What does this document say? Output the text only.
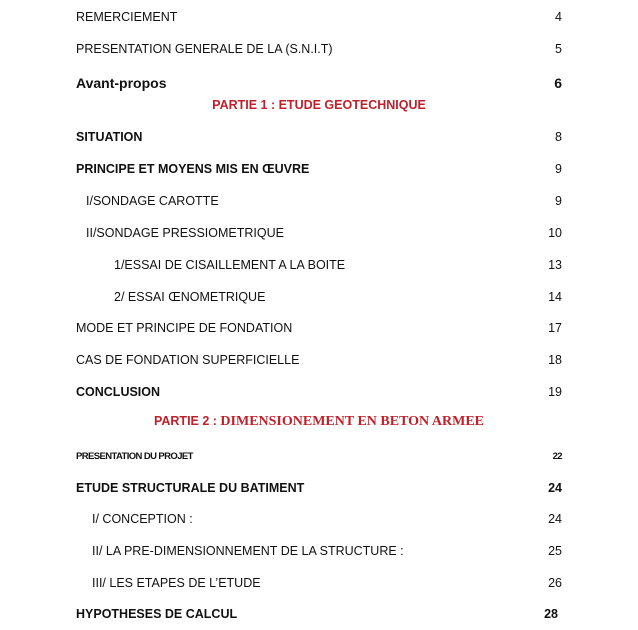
REMERCIEMENT	4
PRESENTATION GENERALE DE LA (S.N.I.T)	5
Avant-propos	6
PARTIE 1 : ETUDE GEOTECHNIQUE
SITUATION	8
PRINCIPE ET MOYENS MIS EN ŒUVRE	9
I/SONDAGE CAROTTE	9
II/SONDAGE PRESSIOMETRIQUE	10
1/ESSAI DE CISAILLEMENT A LA BOITE	13
2/ ESSAI ŒNOMETRIQUE	14
MODE ET PRINCIPE DE FONDATION	17
CAS DE FONDATION SUPERFICIELLE	18
CONCLUSION	19
PARTIE 2 : DIMENSIONEMENT EN BETON ARMEE
PRESENTATION DU PROJET	22
ETUDE STRUCTURALE DU BATIMENT	24
I/ CONCEPTION :	24
II/ LA PRE-DIMENSIONNEMENT DE LA STRUCTURE :	25
III/ LES ETAPES DE L’ETUDE	26
HYPOTHESES DE CALCUL	28
